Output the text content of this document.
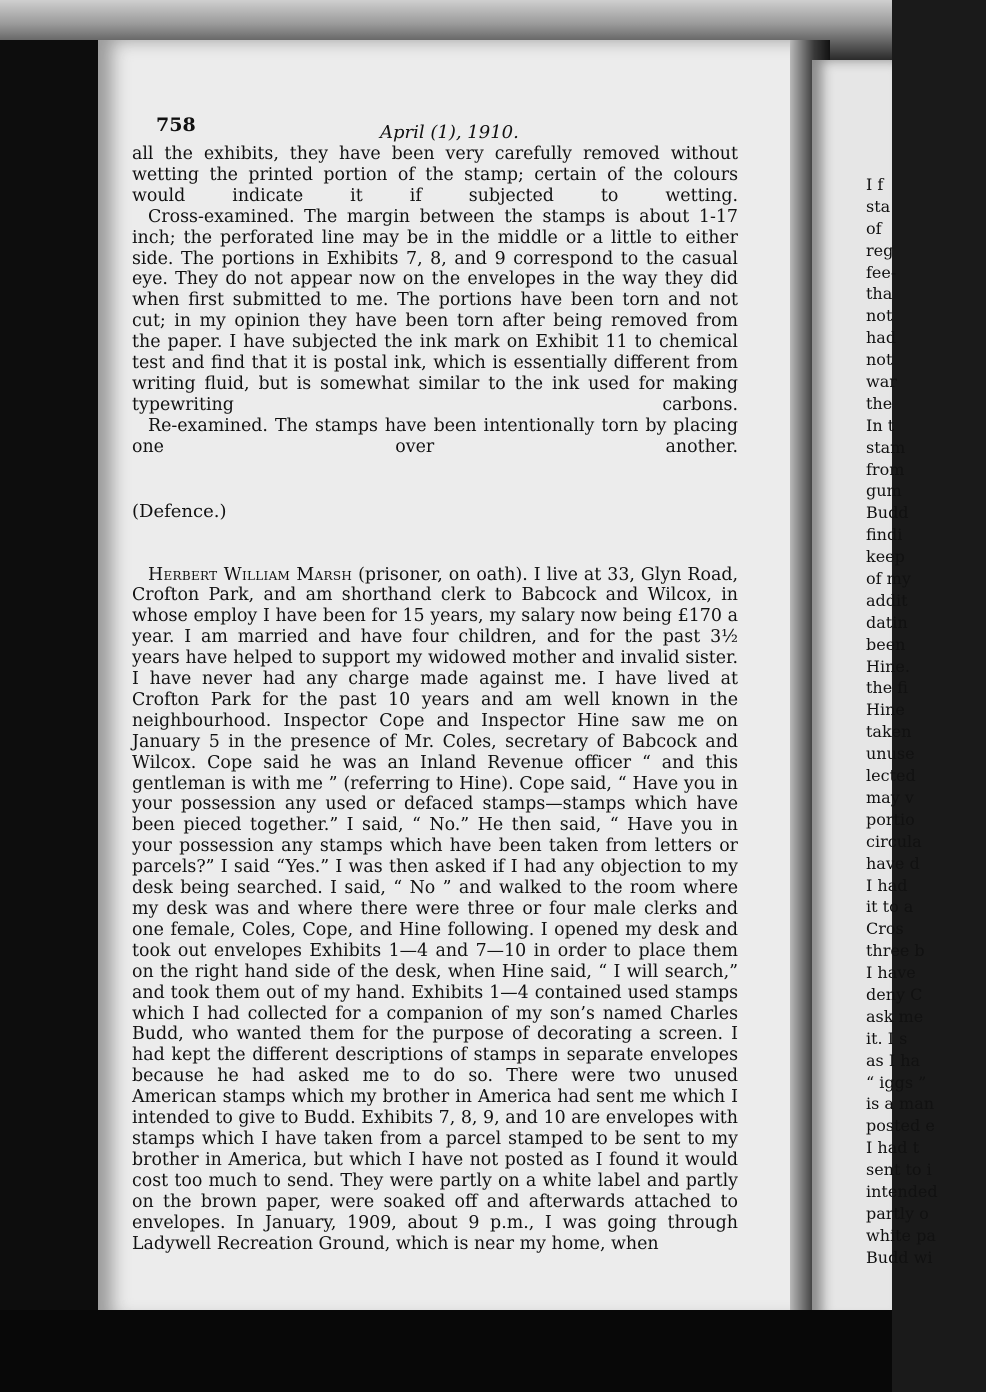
758	April (1), 1910.

all the exhibits, they have been very carefully removed without wetting the printed portion of the stamp; certain of the colours would indicate it if subjected to wetting.

Cross-examined. The margin between the stamps is about 1-17 inch; the perforated line may be in the middle or a little to either side. The portions in Exhibits 7, 8, and 9 correspond to the casual eye. They do not appear now on the envelopes in the way they did when first submitted to me. The portions have been torn and not cut; in my opinion they have been torn after being removed from the paper. I have subjected the ink mark on Exhibit 11 to chemical test and find that it is postal ink, which is essentially different from writing fluid, but is somewhat similar to the ink used for making typewriting carbons.

Re-examined. The stamps have been intentionally torn by placing one over another.

(Defence.)

Herbert William Marsh (prisoner, on oath). I live at 33, Glyn Road, Crofton Park, and am shorthand clerk to Babcock and Wilcox, in whose employ I have been for 15 years, my salary now being £170 a year. I am married and have four children, and for the past 3½ years have helped to support my widowed mother and invalid sister. I have never had any charge made against me. I have lived at Crofton Park for the past 10 years and am well known in the neighbourhood. Inspector Cope and Inspector Hine saw me on January 5 in the presence of Mr. Coles, secretary of Babcock and Wilcox. Cope said he was an Inland Revenue officer “ and this gentleman is with me ” (referring to Hine). Cope said, “ Have you in your possession any used or defaced stamps—stamps which have been pieced together.” I said, “ No.” He then said, “ Have you in your possession any stamps which have been taken from letters or parcels?” I said “Yes.” I was then asked if I had any objection to my desk being searched. I said, “ No ” and walked to the room where my desk was and where there were three or four male clerks and one female, Coles, Cope, and Hine following. I opened my desk and took out envelopes Exhibits 1—4 and 7—10 in order to place them on the right hand side of the desk, when Hine said, “ I will search,” and took them out of my hand. Exhibits 1—4 contained used stamps which I had collected for a companion of my son’s named Charles Budd, who wanted them for the purpose of decorating a screen. I had kept the different descriptions of stamps in separate envelopes because he had asked me to do so. There were two unused American stamps which my brother in America had sent me which I intended to give to Budd. Exhibits 7, 8, 9, and 10 are envelopes with stamps which I have taken from a parcel stamped to be sent to my brother in America, but which I have not posted as I found it would cost too much to send. They were partly on a white label and partly on the brown paper, were soaked off and afterwards attached to envelopes. In January, 1909, about 9 p.m., I was going through Ladywell Recreation Ground, which is near my home, when

I f
sta
of
reg
fee-
tha
not
had
not
war
the
In t
stam
from
gum
Budd
findi
keep
of my
addit
datin
been
Hine.
the fi
Hine
taken
unuse
lected
may v
portio
circula
have d
I had
it to a
Cros
three b
I have
deny C
ask me
it. I s
as I ha
“ iggs ”
is a man
posted e
I had t
sent to i
intended
partly o
white pa
Budd wi
